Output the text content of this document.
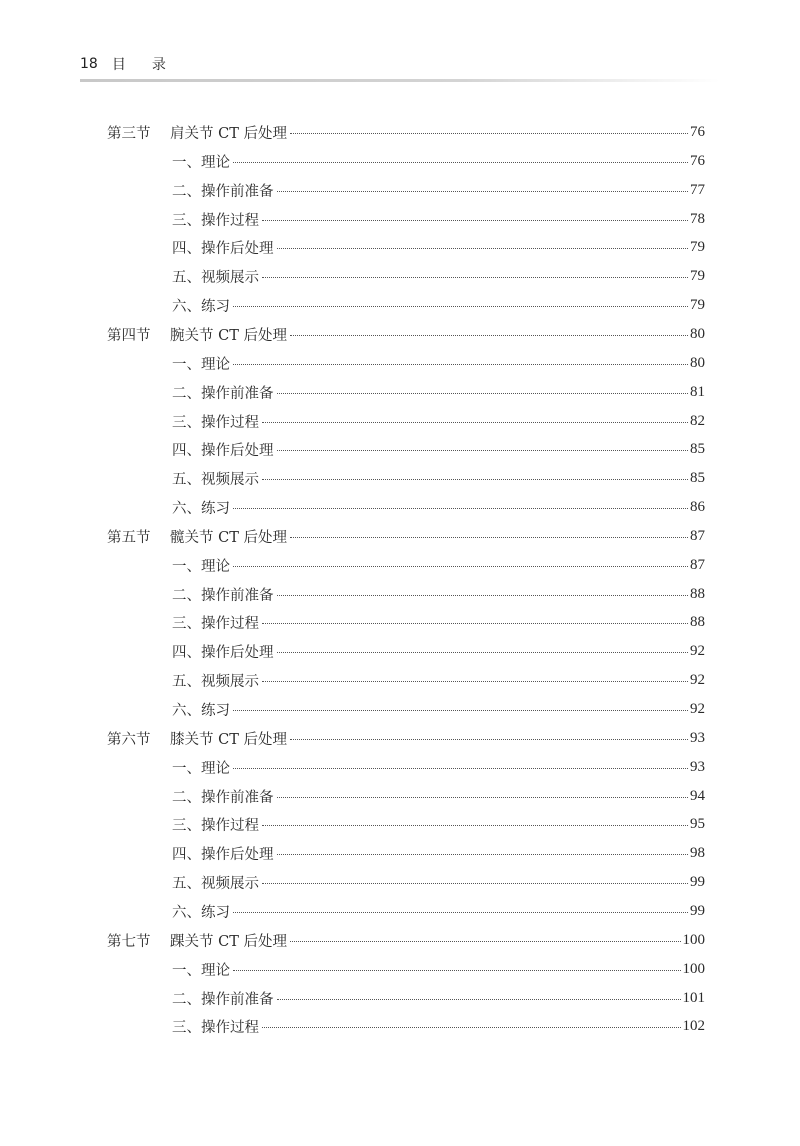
18 目 录
第三节	肩关节 CT 后处理	76
一、理论	76
二、操作前准备	77
三、操作过程	78
四、操作后处理	79
五、视频展示	79
六、练习	79
第四节	腕关节 CT 后处理	80
一、理论	80
二、操作前准备	81
三、操作过程	82
四、操作后处理	85
五、视频展示	85
六、练习	86
第五节	髋关节 CT 后处理	87
一、理论	87
二、操作前准备	88
三、操作过程	88
四、操作后处理	92
五、视频展示	92
六、练习	92
第六节	膝关节 CT 后处理	93
一、理论	93
二、操作前准备	94
三、操作过程	95
四、操作后处理	98
五、视频展示	99
六、练习	99
第七节	踝关节 CT 后处理	100
一、理论	100
二、操作前准备	101
三、操作过程	102
